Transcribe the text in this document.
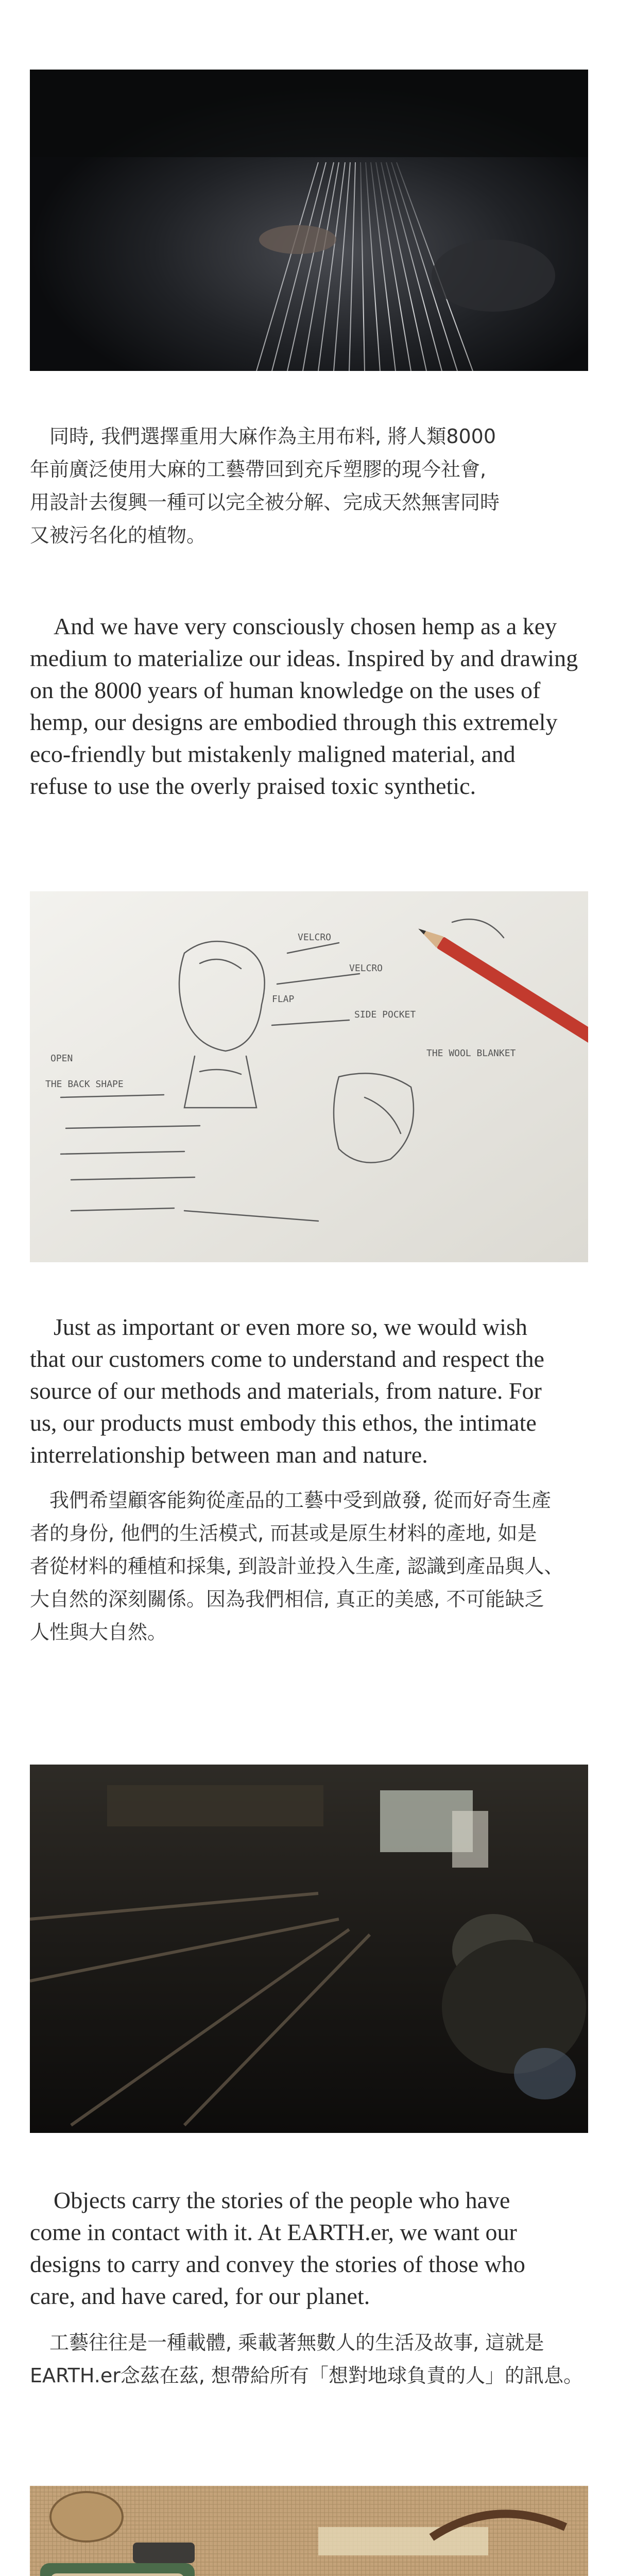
　同時, 我們選擇重用大麻作為主用布料, 將人類8000
年前廣泛使用大麻的工藝帶回到充斥塑膠的現今社會,
用設計去復興一種可以完全被分解、完成天然無害同時
又被污名化的植物。
　And we have very consciously chosen hemp as a key
medium to materialize our ideas. Inspired by and drawing
on the 8000 years of human knowledge on the uses of
hemp, our designs are embodied through this extremely
eco-friendly but mistakenly maligned material, and
refuse to use the overly praised toxic synthetic.
VELCRO
VELCRO
FLAP
SIDE POCKET
OPEN	THE WOOL BLANKET
THE BACK SHAPE
　Just as important or even more so, we would wish
that our customers come to understand and respect the
source of our methods and materials, from nature. For
us, our products must embody this ethos, the intimate
interrelationship between man and nature.
　我們希望顧客能夠從產品的工藝中受到啟發, 從而好奇生產
者的身份, 他們的生活模式, 而甚或是原生材料的產地, 如是
者從材料的種植和採集, 到設計並投入生產, 認識到產品與人、
大自然的深刻關係。因為我們相信, 真正的美感, 不可能缺乏
人性與大自然。
　Objects carry the stories of the people who have
come in contact with it. At EARTH.er, we want our
designs to carry and convey the stories of those who
care, and have cared, for our planet.
　工藝往往是一種載體, 乘載著無數人的生活及故事, 這就是
EARTH.er念茲在茲, 想帶給所有「想對地球負責的人」的訊息。
